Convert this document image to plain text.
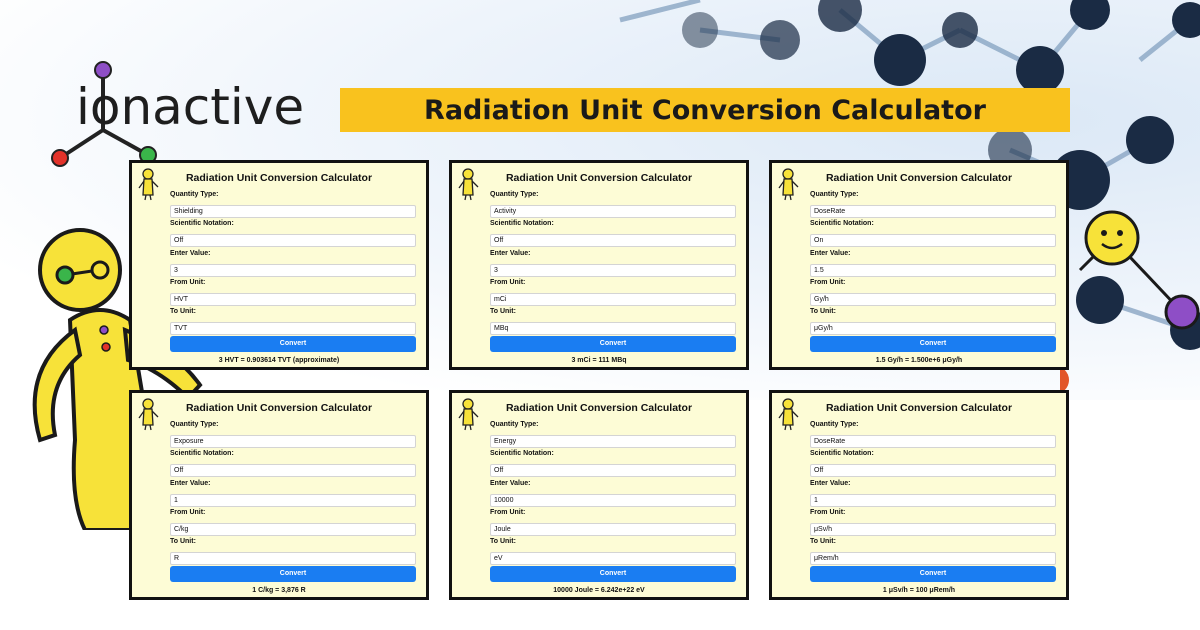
ionactive	Radiation Unit Conversion Calculator
Radiation Unit Conversion Calculator
Quantity Type:
Shielding
Scientific Notation:
Off
Enter Value:
3
From Unit:
HVT
To Unit:
TVT
Convert
3 HVT = 0.903614 TVT (approximate)
Radiation Unit Conversion Calculator
Quantity Type:
Activity
Scientific Notation:
Off
Enter Value:
3
From Unit:
mCi
To Unit:
MBq
Convert
3 mCi = 111 MBq
Radiation Unit Conversion Calculator
Quantity Type:
DoseRate
Scientific Notation:
On
Enter Value:
1.5
From Unit:
Gy/h
To Unit:
μGy/h
Convert
1.5 Gy/h = 1.500e+6 μGy/h
Radiation Unit Conversion Calculator
Quantity Type:
Exposure
Scientific Notation:
Off
Enter Value:
1
From Unit:
C/kg
To Unit:
R
Convert
1 C/kg = 3,876 R
Radiation Unit Conversion Calculator
Quantity Type:
Energy
Scientific Notation:
Off
Enter Value:
10000
From Unit:
Joule
To Unit:
eV
Convert
10000 Joule = 6.242e+22 eV
Radiation Unit Conversion Calculator
Quantity Type:
DoseRate
Scientific Notation:
Off
Enter Value:
1
From Unit:
μSv/h
To Unit:
μRem/h
Convert
1 μSv/h = 100 μRem/h
